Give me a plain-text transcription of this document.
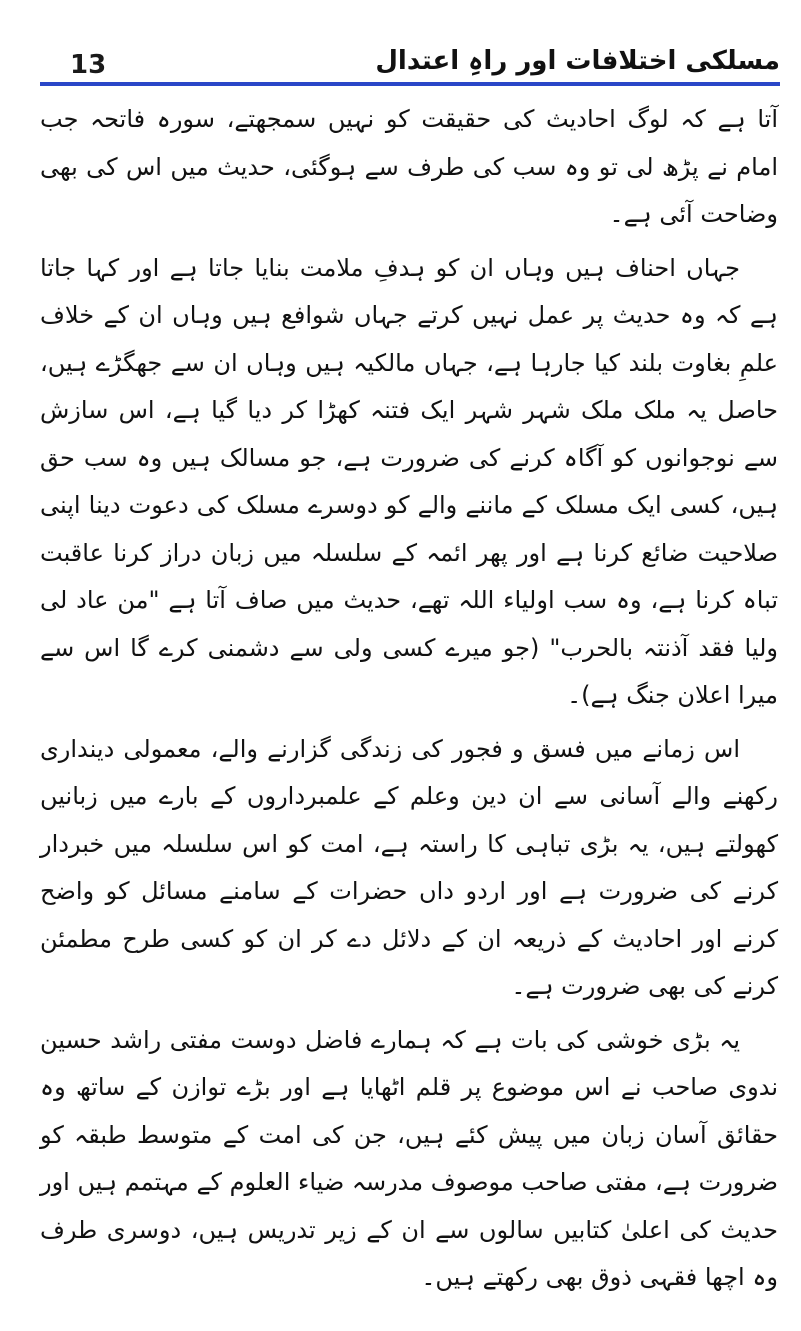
13	مسلکی اختلافات اور راہِ اعتدال

آتا ہے کہ لوگ احادیث کی حقیقت کو نہیں سمجھتے، سورہ فاتحہ جب امام نے پڑھ لی تو وہ سب کی طرف سے ہوگئی، حدیث میں اس کی بھی وضاحت آئی ہے۔

جہاں احناف ہیں وہاں ان کو ہدفِ ملامت بنایا جاتا ہے اور کہا جاتا ہے کہ وہ حدیث پر عمل نہیں کرتے جہاں شوافع ہیں وہاں ان کے خلاف علمِ بغاوت بلند کیا جارہا ہے، جہاں مالکیہ ہیں وہاں ان سے جھگڑے ہیں، حاصل یہ ملک ملک شہر شہر ایک فتنہ کھڑا کر دیا گیا ہے، اس سازش سے نوجوانوں کو آگاہ کرنے کی ضرورت ہے، جو مسالک ہیں وہ سب حق ہیں، کسی ایک مسلک کے ماننے والے کو دوسرے مسلک کی دعوت دینا اپنی صلاحیت ضائع کرنا ہے اور پھر ائمہ کے سلسلہ میں زبان دراز کرنا عاقبت تباہ کرنا ہے، وہ سب اولیاء اللہ تھے، حدیث میں صاف آتا ہے "من عاد لی ولیا فقد آذنتہ بالحرب" (جو میرے کسی ولی سے دشمنی کرے گا اس سے میرا اعلان جنگ ہے)۔

اس زمانے میں فسق و فجور کی زندگی گزارنے والے، معمولی دینداری رکھنے والے آسانی سے ان دین وعلم کے علمبرداروں کے بارے میں زبانیں کھولتے ہیں، یہ بڑی تباہی کا راستہ ہے، امت کو اس سلسلہ میں خبردار کرنے کی ضرورت ہے اور اردو داں حضرات کے سامنے مسائل کو واضح کرنے اور احادیث کے ذریعہ ان کے دلائل دے کر ان کو کسی طرح مطمئن کرنے کی بھی ضرورت ہے۔

یہ بڑی خوشی کی بات ہے کہ ہمارے فاضل دوست مفتی راشد حسین ندوی صاحب نے اس موضوع پر قلم اٹھایا ہے اور بڑے توازن کے ساتھ وہ حقائق آسان زبان میں پیش کئے ہیں، جن کی امت کے متوسط طبقہ کو ضرورت ہے، مفتی صاحب موصوف مدرسہ ضیاء العلوم کے مہتمم ہیں اور حدیث کی اعلیٰ کتابیں سالوں سے ان کے زیر تدریس ہیں، دوسری طرف وہ اچھا فقہی ذوق بھی رکھتے ہیں۔
